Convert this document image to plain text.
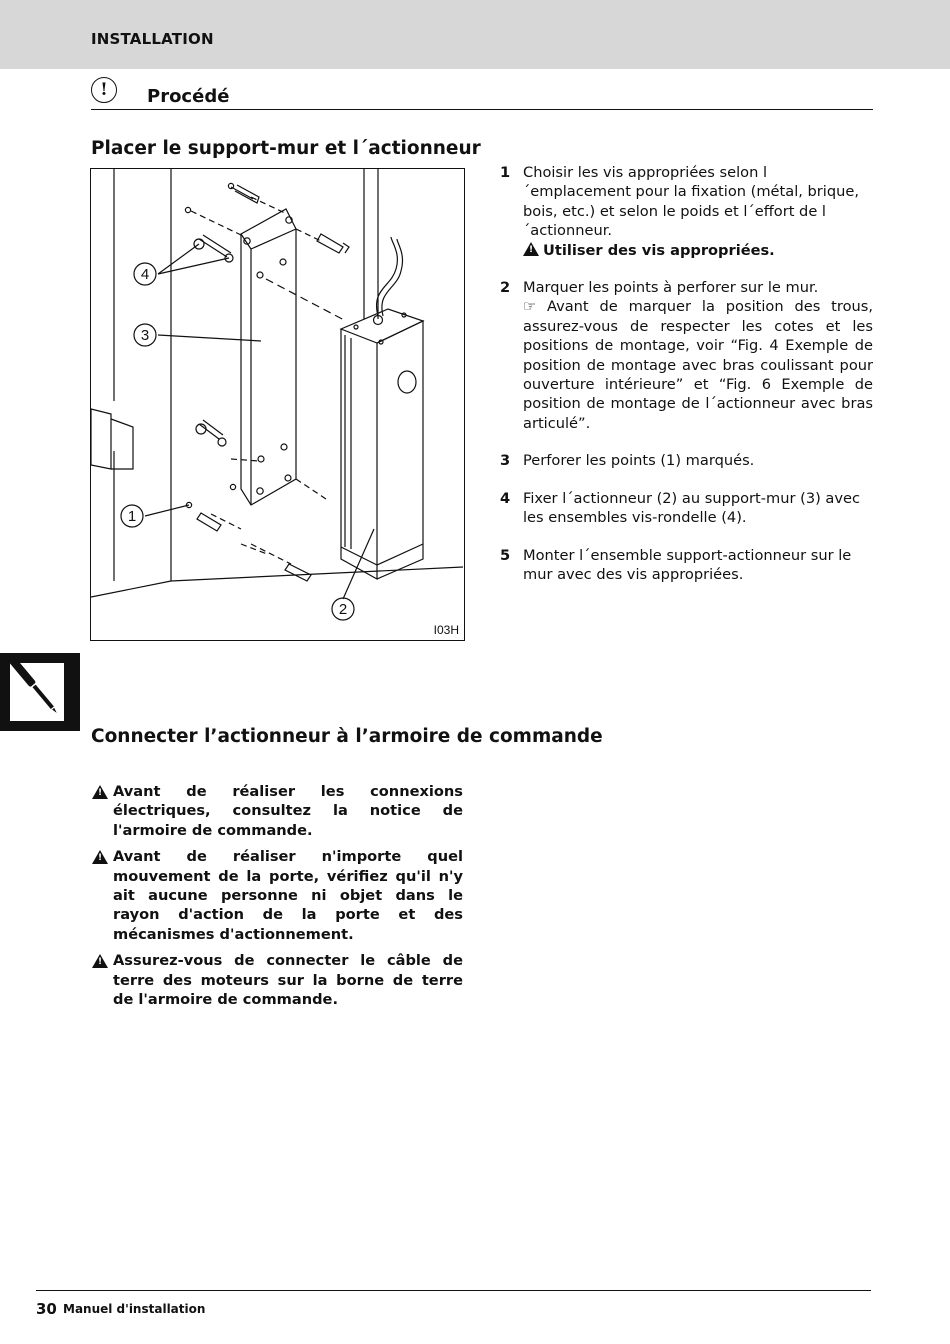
INSTALLATION
!	Procédé
Placer le support-mur et l´actionneur
4
3
1
2
I03H
1 Choisir les vis appropriées selon l´emplacement pour la fixation (métal, brique, bois, etc.) et selon le poids et l´effort de l´actionneur.
!Utiliser des vis appropriées.
2 Marquer les points à perforer sur le mur.
☞ Avant de marquer la position des trous, assurez-vous de respecter les cotes et les positions de montage, voir “Fig. 4 Exemple de position de montage avec bras coulissant pour ouverture intérieure” et “Fig. 6 Exemple de position de montage de l´actionneur avec bras articulé”.
3 Perforer les points (1) marqués.
4 Fixer l´actionneur (2) au support-mur (3) avec les ensembles vis-rondelle (4).
5 Monter l´ensemble support-actionneur sur le mur avec des vis appropriées.
Connecter l’actionneur à l’armoire de commande
!
Avant de réaliser les connexions électriques, consultez la notice de l'armoire de commande.
!
Avant de réaliser n'importe quel mouvement de la porte, vérifiez qu'il n'y ait aucune personne ni objet dans le rayon d'action de la porte et des mécanismes d'actionnement.
!
Assurez-vous de connecter le câble de terre des moteurs sur la borne de terre de l'armoire de commande.
30 Manuel d'installation
